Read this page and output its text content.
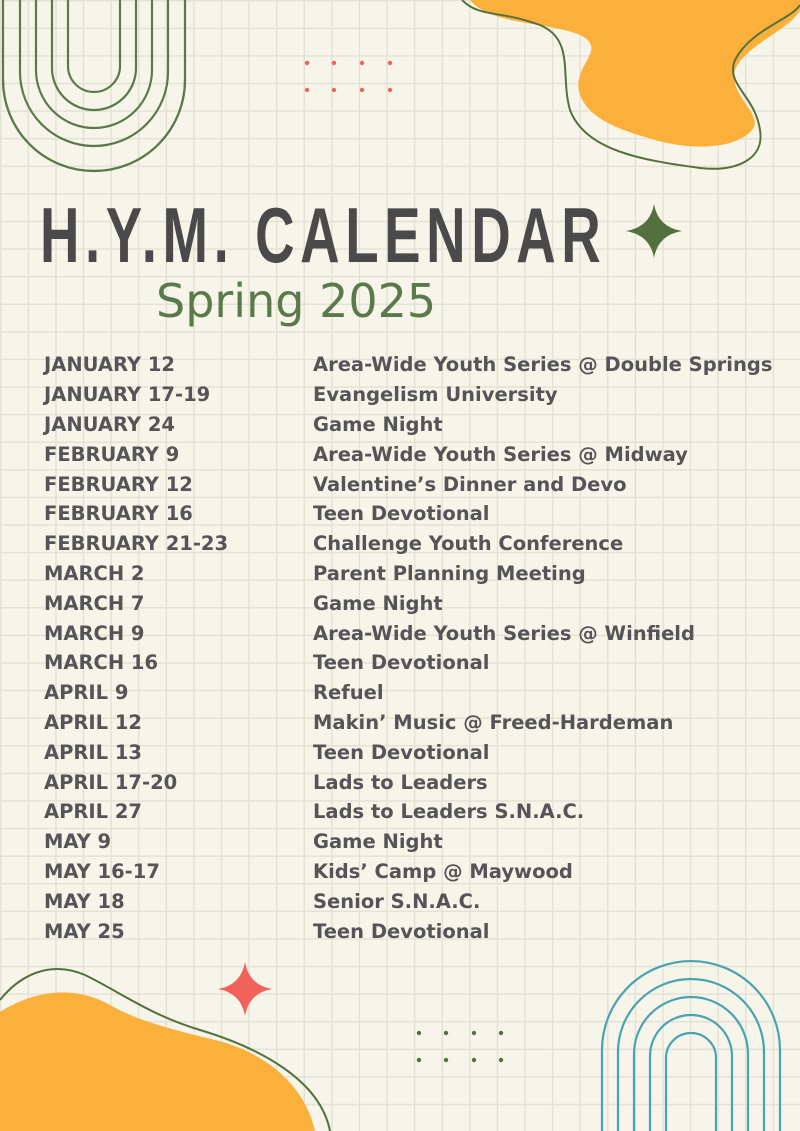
H.Y.M. CALENDAR
Spring 2025
JANUARY 12	Area-Wide Youth Series @ Double Springs
JANUARY 17-19	Evangelism University
JANUARY 24	Game Night
FEBRUARY 9	Area-Wide Youth Series @ Midway
FEBRUARY 12	Valentine’s Dinner and Devo
FEBRUARY 16	Teen Devotional
FEBRUARY 21-23	Challenge Youth Conference
MARCH 2	Parent Planning Meeting
MARCH 7	Game Night
MARCH 9	Area-Wide Youth Series @ Winfield
MARCH 16	Teen Devotional
APRIL 9	Refuel
APRIL 12	Makin’ Music @ Freed-Hardeman
APRIL 13	Teen Devotional
APRIL 17-20	Lads to Leaders
APRIL 27	Lads to Leaders S.N.A.C.
MAY 9	Game Night
MAY 16-17	Kids’ Camp @ Maywood
MAY 18	Senior S.N.A.C.
MAY 25	Teen Devotional
